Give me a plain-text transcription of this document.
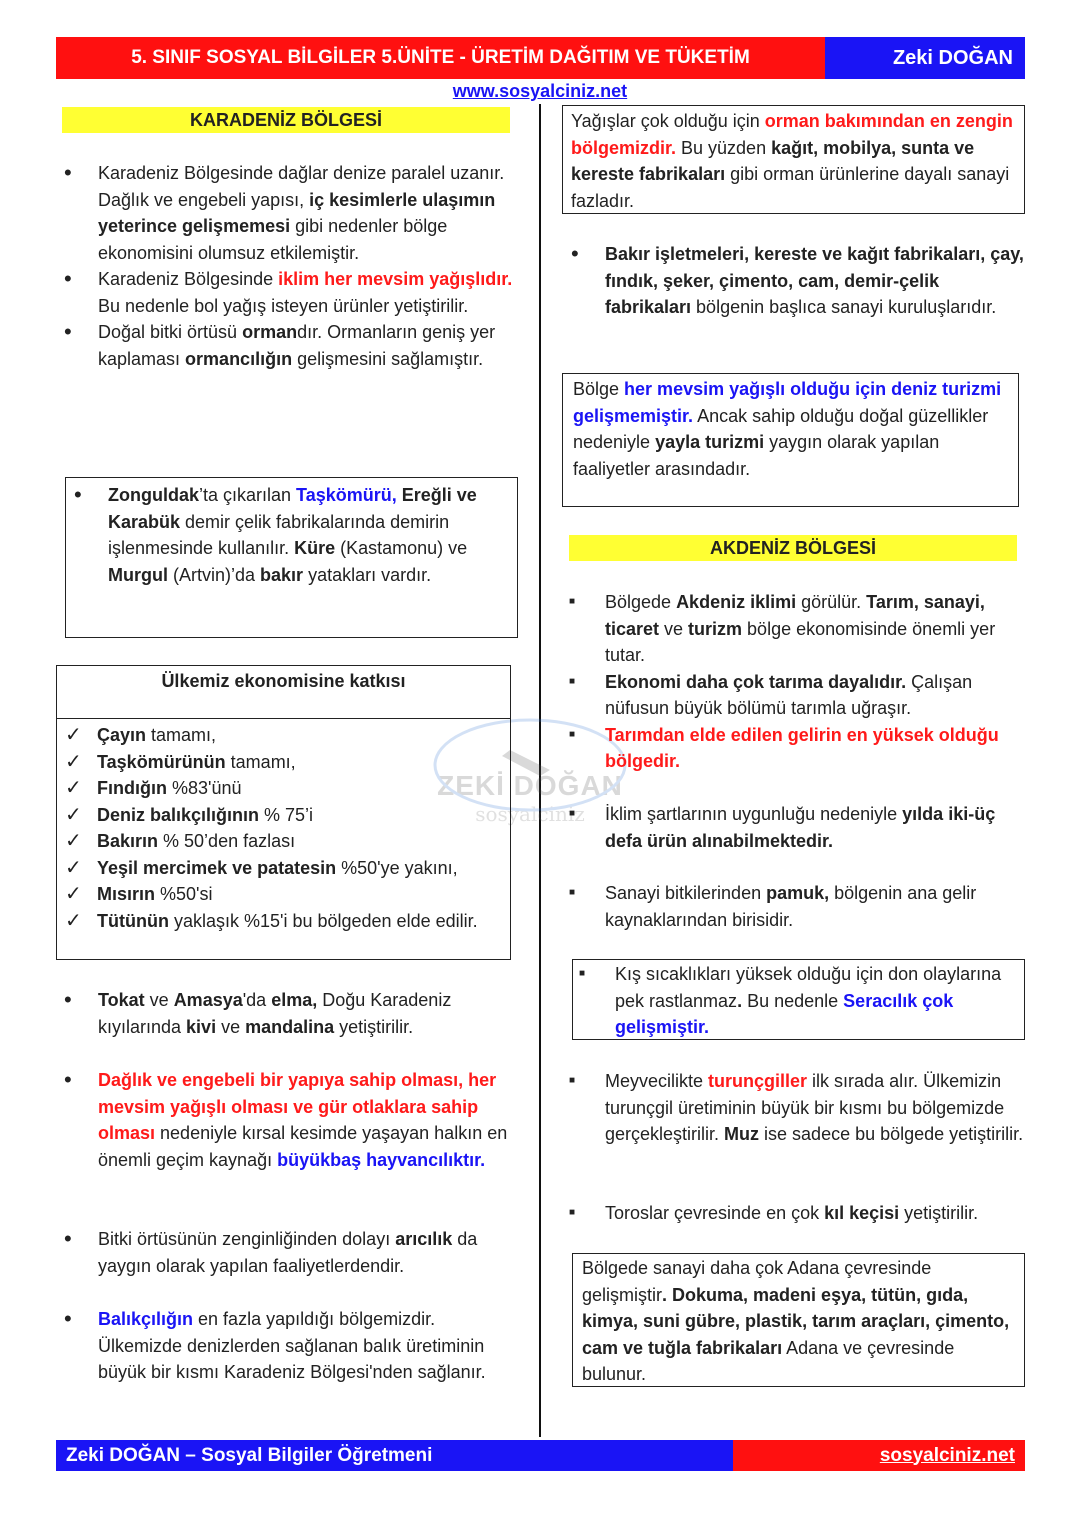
5. SINIF SOSYAL BİLGİLER 5.ÜNİTE - ÜRETİM DAĞITIM VE TÜKETİM	Zeki DOĞAN
www.sosyalciniz.net
ZEKİ DOĞAN
sosyalciniz
KARADENİZ BÖLGESİ
• Karadeniz Bölgesinde dağlar denize paralel uzanır. Dağlık ve engebeli yapısı, iç kesimlerle ulaşımın yeterince gelişmemesi gibi nedenler bölge ekonomisini olumsuz etkilemiştir.
• Karadeniz Bölgesinde iklim her mevsim yağışlıdır. Bu nedenle bol yağış isteyen ürünler yetiştirilir.
• Doğal bitki örtüsü ormandır. Ormanların geniş yer kaplaması ormancılığın gelişmesini sağlamıştır.
• Zonguldak’ta çıkarılan Taşkömürü, Ereğli ve Karabük demir çelik fabrikalarında demirin işlenmesinde kullanılır. Küre (Kastamonu) ve Murgul (Artvin)’da bakır yatakları vardır.
Ülkemiz ekonomisine katkısı
✓ Çayın tamamı,
✓ Taşkömürünün tamamı,
✓ Fındığın %83'ünü
✓ Deniz balıkçılığının % 75’i
✓ Bakırın % 50’den fazlası
✓ Yeşil mercimek ve patatesin %50'ye yakını,
✓ Mısırın %50'si
✓ Tütünün yaklaşık %15'i bu bölgeden elde edilir.
• Tokat ve Amasya'da elma, Doğu Karadeniz kıyılarında kivi ve mandalina yetiştirilir.
• Dağlık ve engebeli bir yapıya sahip olması, her mevsim yağışlı olması ve gür otlaklara sahip olması nedeniyle kırsal kesimde yaşayan halkın en önemli geçim kaynağı büyükbaş hayvancılıktır.
• Bitki örtüsünün zenginliğinden dolayı arıcılık da yaygın olarak yapılan faaliyetlerdendir.
• Balıkçılığın en fazla yapıldığı bölgemizdir. Ülkemizde denizlerden sağlanan balık üretiminin büyük bir kısmı Karadeniz Bölgesi'nden sağlanır.
Yağışlar çok olduğu için orman bakımından en zengin bölgemizdir. Bu yüzden kağıt, mobilya, sunta ve kereste fabrikaları gibi orman ürünlerine dayalı sanayi fazladır.
• Bakır işletmeleri, kereste ve kağıt fabrikaları, çay, fındık, şeker, çimento, cam, demir-çelik fabrikaları bölgenin başlıca sanayi kuruluşlarıdır.
Bölge her mevsim yağışlı olduğu için deniz turizmi gelişmemiştir. Ancak sahip olduğu doğal güzellikler nedeniyle yayla turizmi yaygın olarak yapılan faaliyetler arasındadır.
AKDENİZ BÖLGESİ
■ Bölgede Akdeniz iklimi görülür. Tarım, sanayi, ticaret ve turizm bölge ekonomisinde önemli yer tutar.
■ Ekonomi daha çok tarıma dayalıdır. Çalışan nüfusun büyük bölümü tarımla uğraşır.
■ Tarımdan elde edilen gelirin en yüksek olduğu bölgedir.
■ İklim şartlarının uygunluğu nedeniyle yılda iki-üç defa ürün alınabilmektedir.
■ Sanayi bitkilerinden pamuk, bölgenin ana gelir kaynaklarından birisidir.
■ Kış sıcaklıkları yüksek olduğu için don olaylarına pek rastlanmaz. Bu nedenle Seracılık çok gelişmiştir.
■ Meyvecilikte turunçgiller ilk sırada alır. Ülkemizin turunçgil üretiminin büyük bir kısmı bu bölgemizde gerçekleştirilir. Muz ise sadece bu bölgede yetiştirilir.
■ Toroslar çevresinde en çok kıl keçisi yetiştirilir.
Bölgede sanayi daha çok Adana çevresinde gelişmiştir. Dokuma, madeni eşya, tütün, gıda, kimya, suni gübre, plastik, tarım araçları, çimento, cam ve tuğla fabrikaları Adana ve çevresinde bulunur.
Zeki DOĞAN – Sosyal Bilgiler Öğretmeni	sosyalciniz.net
